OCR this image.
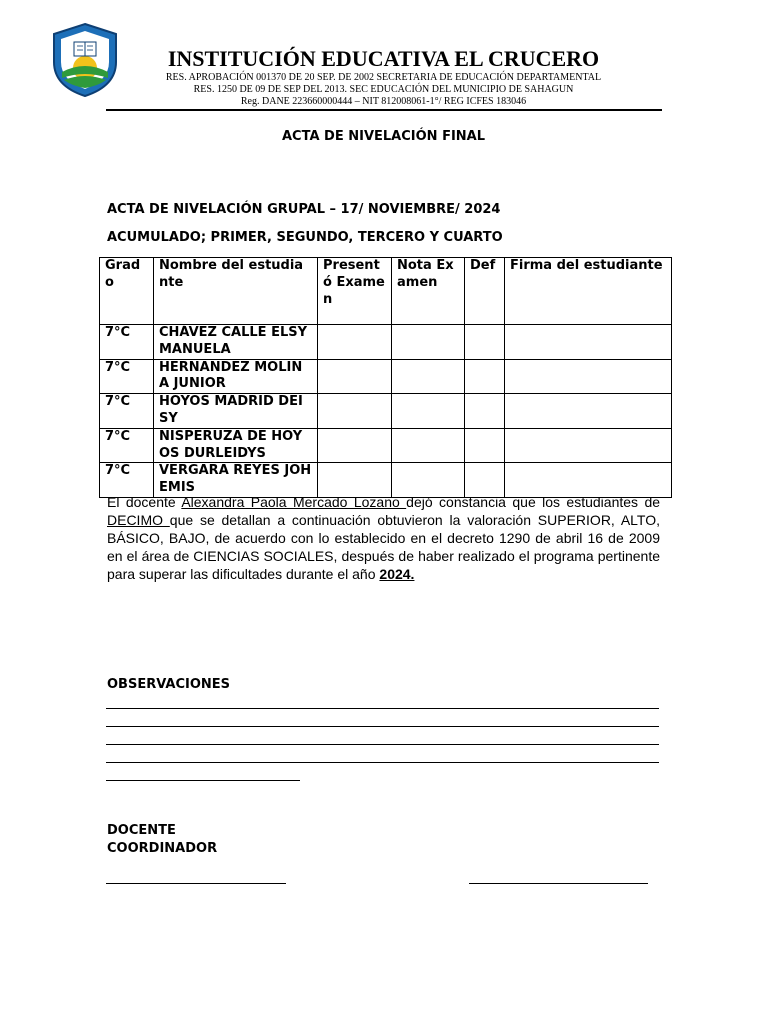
INSTITUCIÓN EDUCATIVA EL CRUCERO
RES. APROBACIÓN 001370 DE 20 SEP. DE 2002 SECRETARIA DE EDUCACIÓN DEPARTAMENTAL
RES. 1250 DE 09 DE SEP DEL 2013. SEC EDUCACIÓN DEL MUNICIPIO DE SAHAGUN
Reg. DANE 223660000444 – NIT 812008061-1°/ REG ICFES 183046
ACTA DE NIVELACIÓN FINAL
ACTA DE NIVELACIÓN GRUPAL – 17/ NOVIEMBRE/ 2024
ACUMULADO; PRIMER, SEGUNDO, TERCERO Y CUARTO
Grado	Nombre del estudiante	Presentó Examen	Nota Examen	Def	Firma del estudiante
7°C	CHÁVEZ CALLE ELSY MANUELA				
7°C	HERNANDEZ MOLINA JUNIOR				
7°C	HOYOS MADRID DEISY				
7°C	NISPERUZA DE HOYOS DURLEIDYS				
7°C	VERGARA REYES JOHEMIS				
El docente Alexandra Paola Mercado Lozano dejó constancia que los estudiantes de DECIMO que se detallan a continuación obtuvieron la valoración SUPERIOR, ALTO, BÁSICO, BAJO, de acuerdo con lo establecido en el decreto 1290 de abril 16 de 2009 en el área de CIENCIAS SOCIALES, después de haber realizado el programa pertinente para superar las dificultades durante el año 2024.
OBSERVACIONES
DOCENTE
COORDINADOR
